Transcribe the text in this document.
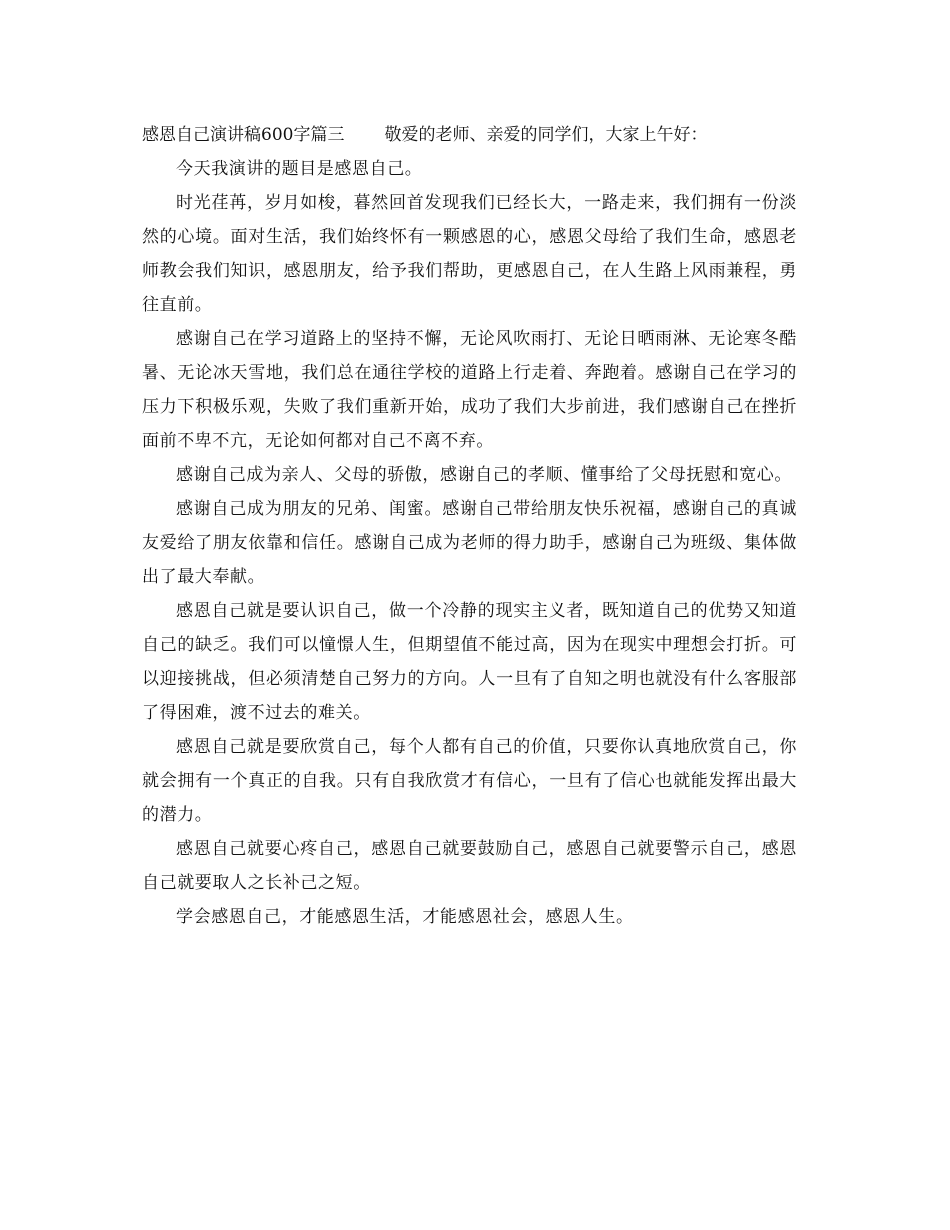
感恩自己演讲稿600字篇三 敬爱的老师、亲爱的同学们，大家上午好：

今天我演讲的题目是感恩自己。

时光荏苒，岁月如梭，暮然回首发现我们已经长大，一路走来，我们拥有一份淡然的心境。面对生活，我们始终怀有一颗感恩的心，感恩父母给了我们生命，感恩老师教会我们知识，感恩朋友，给予我们帮助，更感恩自己，在人生路上风雨兼程，勇往直前。

感谢自己在学习道路上的坚持不懈，无论风吹雨打、无论日晒雨淋、无论寒冬酷暑、无论冰天雪地，我们总在通往学校的道路上行走着、奔跑着。感谢自己在学习的压力下积极乐观，失败了我们重新开始，成功了我们大步前进，我们感谢自己在挫折面前不卑不亢，无论如何都对自己不离不弃。

感谢自己成为亲人、父母的骄傲，感谢自己的孝顺、懂事给了父母抚慰和宽心。

感谢自己成为朋友的兄弟、闺蜜。感谢自己带给朋友快乐祝福，感谢自己的真诚友爱给了朋友依靠和信任。感谢自己成为老师的得力助手，感谢自己为班级、集体做出了最大奉献。

感恩自己就是要认识自己，做一个冷静的现实主义者，既知道自己的优势又知道自己的缺乏。我们可以憧憬人生，但期望值不能过高，因为在现实中理想会打折。可以迎接挑战，但必须清楚自己努力的方向。人一旦有了自知之明也就没有什么客服部了得困难，渡不过去的难关。

感恩自己就是要欣赏自己，每个人都有自己的价值，只要你认真地欣赏自己，你就会拥有一个真正的自我。只有自我欣赏才有信心，一旦有了信心也就能发挥出最大的潜力。

感恩自己就要心疼自己，感恩自己就要鼓励自己，感恩自己就要警示自己，感恩自己就要取人之长补己之短。

学会感恩自己，才能感恩生活，才能感恩社会，感恩人生。
